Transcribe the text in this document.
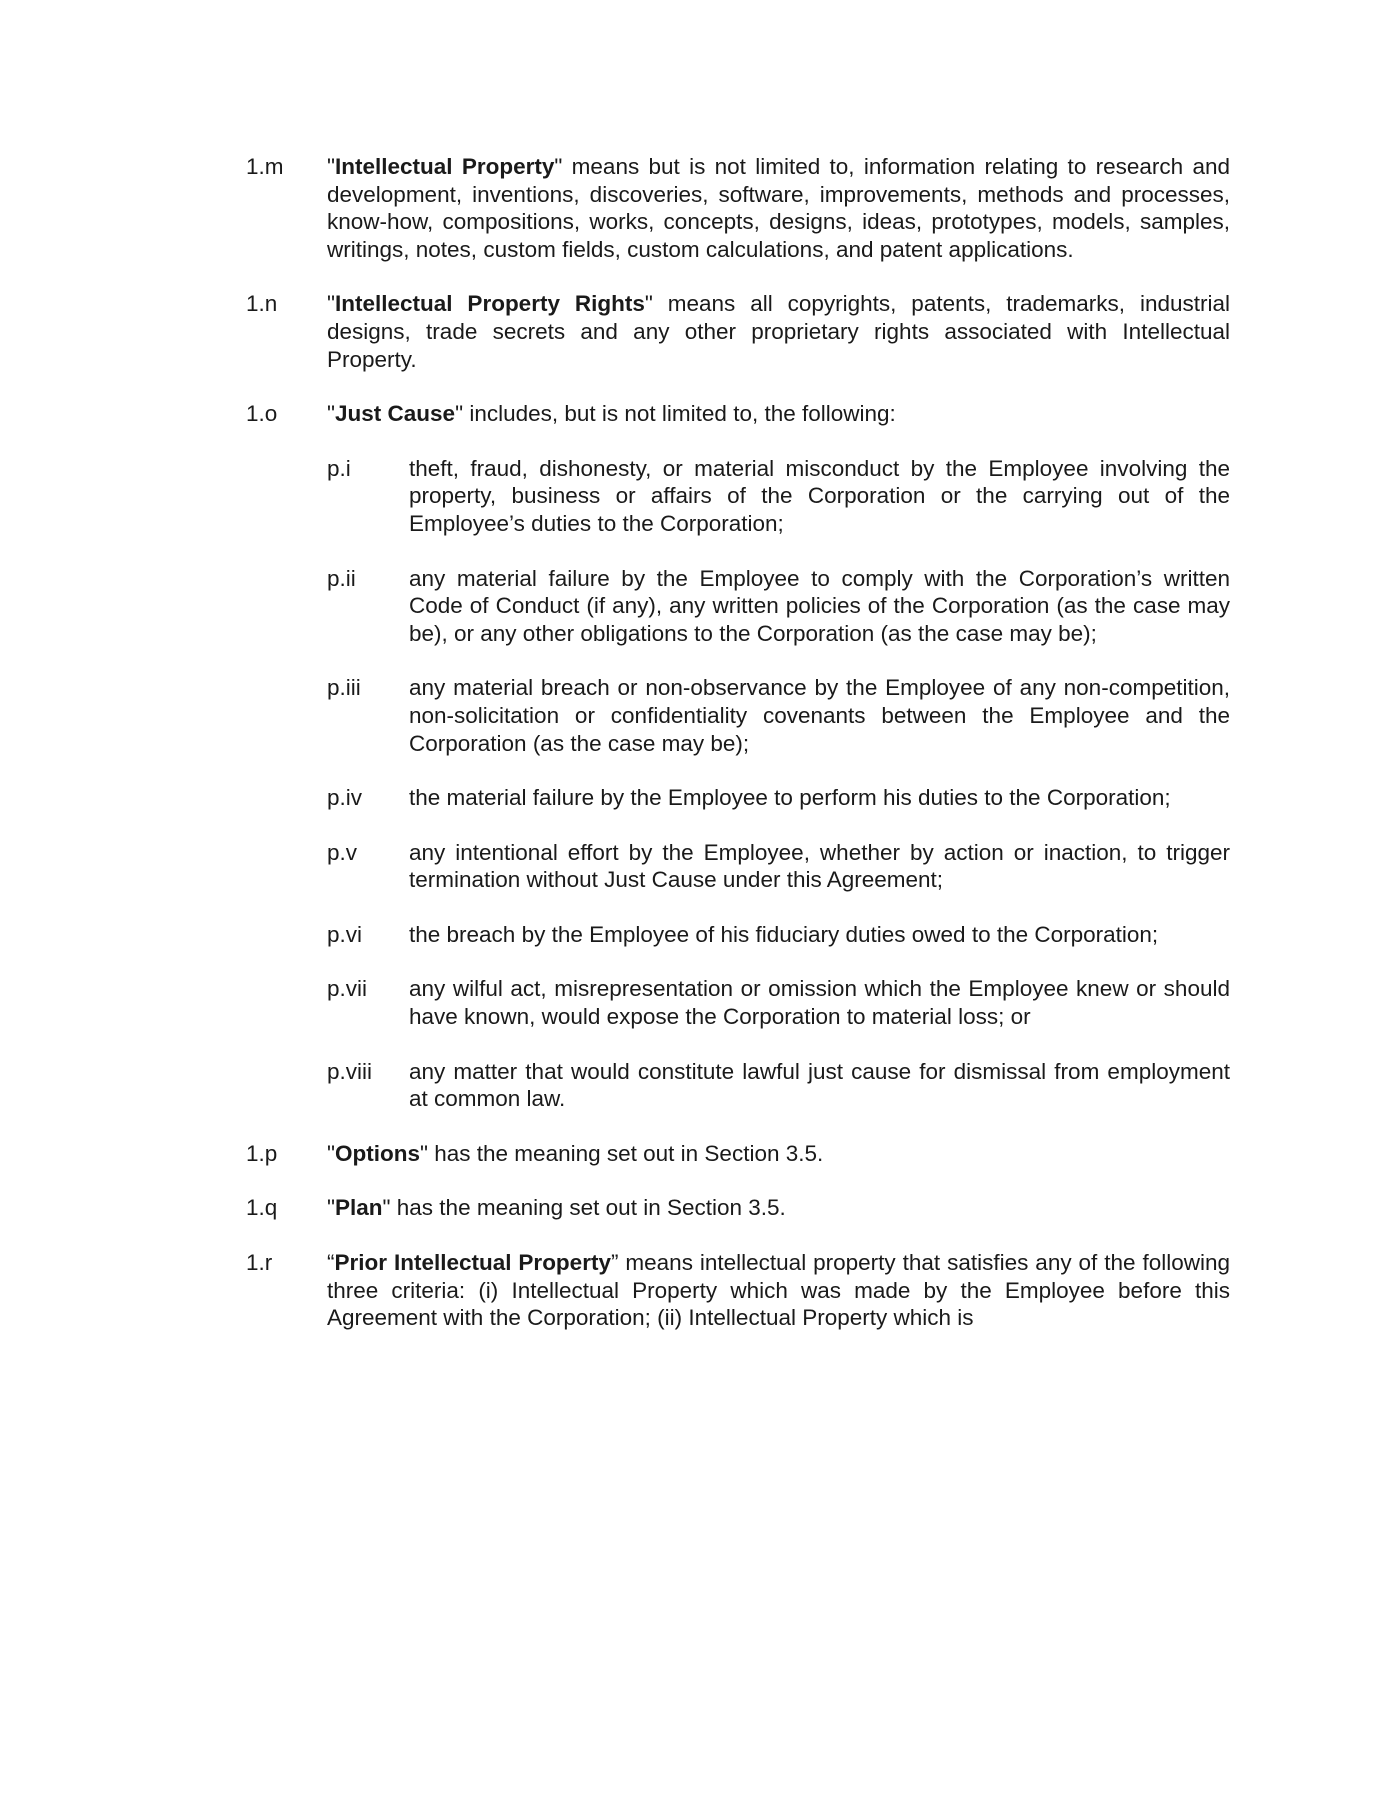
1.m	"Intellectual Property" means but is not limited to, information relating to research and development, inventions, discoveries, software, improvements, methods and processes, know-how, compositions, works, concepts, designs, ideas, prototypes, models, samples, writings, notes, custom fields, custom calculations, and patent applications.
1.n	"Intellectual Property Rights" means all copyrights, patents, trademarks, industrial designs, trade secrets and any other proprietary rights associated with Intellectual Property.
1.o	"Just Cause" includes, but is not limited to, the following:
p.i	theft, fraud, dishonesty, or material misconduct by the Employee involving the property, business or affairs of the Corporation or the carrying out of the Employee’s duties to the Corporation;
p.ii	any material failure by the Employee to comply with the Corporation’s written Code of Conduct (if any), any written policies of the Corporation (as the case may be), or any other obligations to the Corporation (as the case may be);
p.iii	any material breach or non-observance by the Employee of any non-competition, non-solicitation or confidentiality covenants between the Employee and the Corporation (as the case may be);
p.iv	the material failure by the Employee to perform his duties to the Corporation;
p.v	any intentional effort by the Employee, whether by action or inaction, to trigger termination without Just Cause under this Agreement;
p.vi	the breach by the Employee of his fiduciary duties owed to the Corporation;
p.vii	any wilful act, misrepresentation or omission which the Employee knew or should have known, would expose the Corporation to material loss; or
p.viii	any matter that would constitute lawful just cause for dismissal from employment at common law.
1.p	"Options" has the meaning set out in Section 3.5.
1.q	"Plan" has the meaning set out in Section 3.5.
1.r	“Prior Intellectual Property” means intellectual property that satisfies any of the following three criteria: (i) Intellectual Property which was made by the Employee before this Agreement with the Corporation; (ii) Intellectual Property which is
